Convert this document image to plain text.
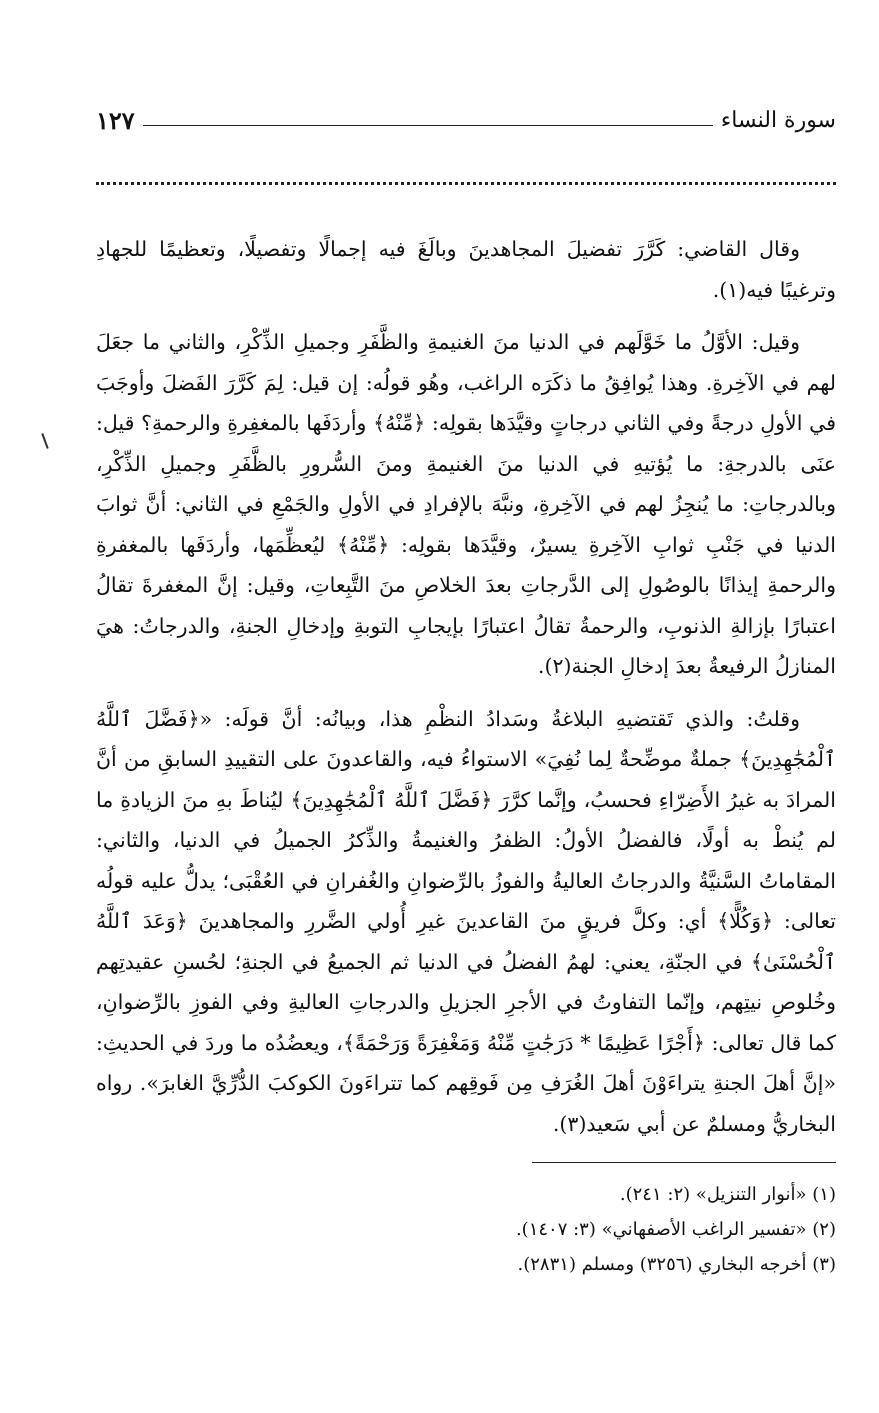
سورة النساء
١٢٧

وقال القاضي: كَرَّرَ تفضيلَ المجاهدينَ وبالَغَ فيه إجمالًا وتفصيلًا، وتعظيمًا للجهادِ وترغيبًا فيه(١).

وقيل: الأوَّلُ ما خَوَّلَهم في الدنيا منَ الغنيمةِ والظَّفَرِ وجميلِ الذِّكْرِ، والثاني ما جعَلَ لهم في الآخِرةِ. وهذا يُوافِقُ ما ذكَرَه الراغب، وهُو قولُه: إن قيل: لِمَ كَرَّرَ الفَضلَ وأوجَبَ في الأولِ درجةً وفي الثاني درجاتٍ وقيَّدَها بقولِه: ﴿مِّنْهُ﴾ وأردَفَها بالمغفِرةِ والرحمةِ؟ قيل: عنَى بالدرجةِ: ما يُؤتيهِ في الدنيا منَ الغنيمةِ ومنَ السُّرورِ بالظَّفَرِ وجميلِ الذِّكْرِ، وبالدرجاتِ: ما يُنجِزُ لهم في الآخِرةِ، ونبَّهَ بالإفرادِ في الأولِ والجَمْعِ في الثاني: أنَّ ثوابَ الدنيا في جَنْبِ ثوابِ الآخِرةِ يسيرٌ، وقيَّدَها بقولِه: ﴿مِّنْهُ﴾ ليُعظِّمَها، وأردَفَها بالمغفرةِ والرحمةِ إيذانًا بالوصُولِ إلى الدَّرجاتِ بعدَ الخلاصِ منَ التَّبِعاتِ، وقيل: إنَّ المغفرةَ تقالُ اعتبارًا بإزالةِ الذنوبِ، والرحمةُ تقالُ اعتبارًا بإيجابِ التوبةِ وإدخالِ الجنةِ، والدرجاتُ: هيَ المنازلُ الرفيعةُ بعدَ إدخالِ الجنة(٢).

وقلتُ: والذي تَقتضيهِ البلاغةُ وسَدادُ النظْمِ هذا، وبيانُه: أنَّ قولَه: «﴿فَضَّلَ ٱللَّهُ ٱلْمُجَٰهِدِينَ﴾ جملةٌ موضِّحةٌ لِما نُفِيَ» الاستواءُ فيه، والقاعدونَ على التقييدِ السابقِ من أنَّ المرادَ به غيرُ الأَضِرّاءِ فحسبُ، وإنَّما كرَّرَ ﴿فَضَّلَ ٱللَّهُ ٱلْمُجَٰهِدِينَ﴾ ليُناطَ بهِ منَ الزيادةِ ما لم يُنطْ به أولًا، فالفضلُ الأولُ: الظفرُ والغنيمةُ والذِّكرُ الجميلُ في الدنيا، والثاني: المقاماتُ السَّنيَّةُ والدرجاتُ العاليةُ والفوزُ بالرِّضوانِ والغُفرانِ في العُقْبَى؛ يدلُّ عليه قولُه تعالى: ﴿وَكُلًّا﴾ أي: وكلَّ فريقٍ منَ القاعدينَ غيرِ أُولي الضَّررِ والمجاهدينَ ﴿وَعَدَ ٱللَّهُ ٱلْحُسْنَىٰ﴾ في الجنّةِ، يعني: لهمُ الفضلُ في الدنيا ثم الجميعُ في الجنةِ؛ لحُسنِ عقيدتِهم وخُلوصِ نيتِهم، وإنّما التفاوتُ في الأجرِ الجزيلِ والدرجاتِ العاليةِ وفي الفوزِ بالرِّضوانِ، كما قال تعالى: ﴿أَجْرًا عَظِيمًا * دَرَجَٰتٍ مِّنْهُ وَمَغْفِرَةً وَرَحْمَةً﴾، ويعضُدُه ما وردَ في الحديثِ: «إنَّ أهلَ الجنةِ يتراءَوْنَ أهلَ الغُرَفِ مِن فَوقِهم كما تتراءَونَ الكوكبَ الدُّرِّيَّ الغابرَ». رواه البخاريُّ ومسلمٌ عن أبي سَعيد(٣).

(١) «أنوار التنزيل» (٢: ٢٤١).
(٢) «تفسير الراغب الأصفهاني» (٣: ١٤٠٧).
(٣) أخرجه البخاري (٣٢٥٦) ومسلم (٢٨٣١).
